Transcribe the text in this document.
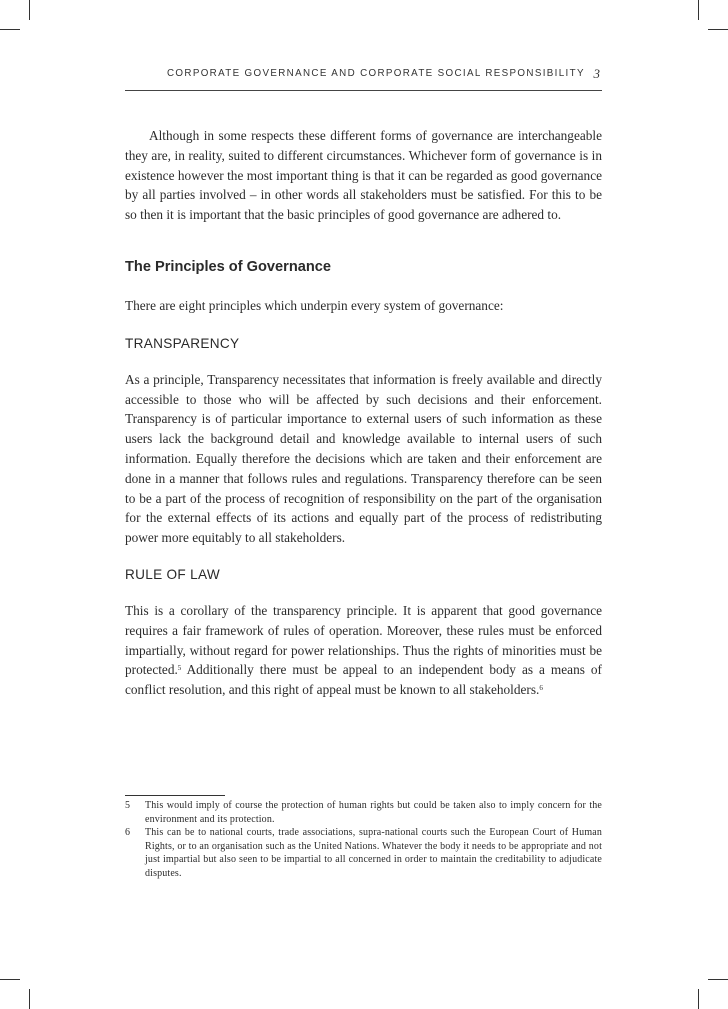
CORPORATE GOVERNANCE AND CORPORATE SOCIAL RESPONSIBILITY 3

Although in some respects these different forms of governance are interchangeable they are, in reality, suited to different circumstances. Whichever form of governance is in existence however the most important thing is that it can be regarded as good governance by all parties involved – in other words all stakeholders must be satisfied. For this to be so then it is important that the basic principles of good governance are adhered to.

The Principles of Governance

There are eight principles which underpin every system of governance:

TRANSPARENCY

As a principle, Transparency necessitates that information is freely available and directly accessible to those who will be affected by such decisions and their enforcement. Transparency is of particular importance to external users of such information as these users lack the background detail and knowledge available to internal users of such information. Equally therefore the decisions which are taken and their enforcement are done in a manner that follows rules and regulations. Transparency therefore can be seen to be a part of the process of recognition of responsibility on the part of the organisation for the external effects of its actions and equally part of the process of redistributing power more equitably to all stakeholders.

RULE OF LAW

This is a corollary of the transparency principle. It is apparent that good governance requires a fair framework of rules of operation. Moreover, these rules must be enforced impartially, without regard for power relationships. Thus the rights of minorities must be protected.$^5$ Additionally there must be appeal to an independent body as a means of conflict resolution, and this right of appeal must be known to all stakeholders.$^6$

5	This would imply of course the protection of human rights but could be taken also to imply concern for the environment and its protection.
6	This can be to national courts, trade associations, supra-national courts such the European Court of Human Rights, or to an organisation such as the United Nations. Whatever the body it needs to be appropriate and not just impartial but also seen to be impartial to all concerned in order to maintain the creditability to adjudicate disputes.
